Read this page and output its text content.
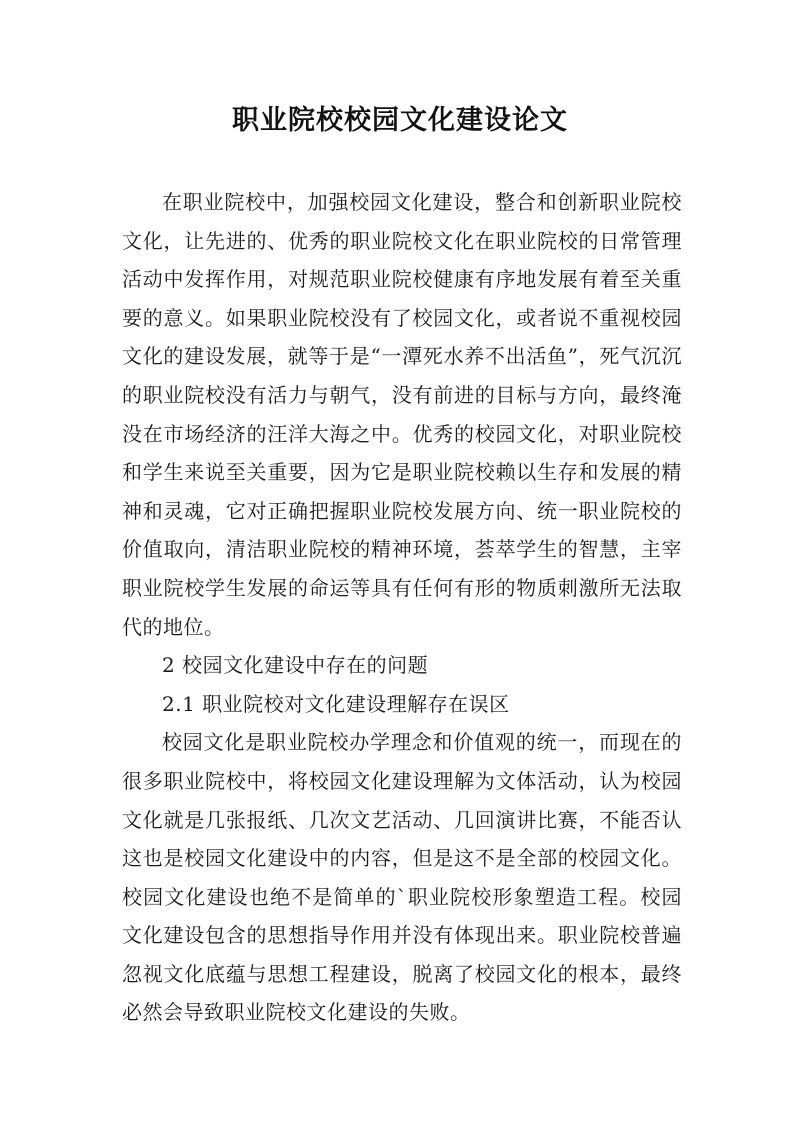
职业院校校园文化建设论文

在职业院校中，加强校园文化建设，整合和创新职业院校文化，让先进的、优秀的职业院校文化在职业院校的日常管理活动中发挥作用，对规范职业院校健康有序地发展有着至关重要的意义。如果职业院校没有了校园文化，或者说不重视校园文化的建设发展，就等于是“一潭死水养不出活鱼”，死气沉沉的职业院校没有活力与朝气，没有前进的目标与方向，最终淹没在市场经济的汪洋大海之中。优秀的校园文化，对职业院校和学生来说至关重要，因为它是职业院校赖以生存和发展的精神和灵魂，它对正确把握职业院校发展方向、统一职业院校的价值取向，清洁职业院校的精神环境，荟萃学生的智慧，主宰职业院校学生发展的命运等具有任何有形的物质刺激所无法取代的地位。

2 校园文化建设中存在的问题

2.1 职业院校对文化建设理解存在误区

校园文化是职业院校办学理念和价值观的统一，而现在的很多职业院校中，将校园文化建设理解为文体活动，认为校园文化就是几张报纸、几次文艺活动、几回演讲比赛，不能否认这也是校园文化建设中的内容，但是这不是全部的校园文化。校园文化建设也绝不是简单的`职业院校形象塑造工程。校园文化建设包含的思想指导作用并没有体现出来。职业院校普遍忽视文化底蕴与思想工程建设，脱离了校园文化的根本，最终必然会导致职业院校文化建设的失败。
